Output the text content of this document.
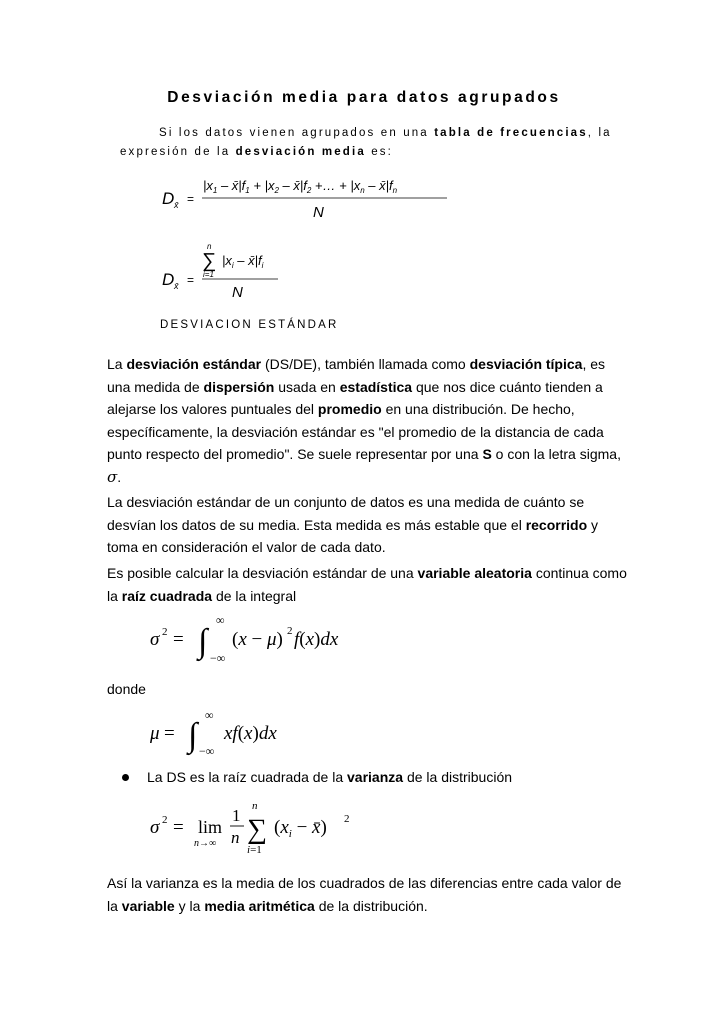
Desviación media para datos agrupados
Si los datos vienen agrupados en una tabla de frecuencias, la
expresión de la desviación media es:
D x̄ =
$|x_1$ – $x̄|f_1 + |x_2$ – $x̄|f_2$ +… + $|x_n$ – $x̄|f_n$
N
n
∑
i=1
$|x_i$ – $x̄|f_i$
D x̄ =
N
DESVIACION ESTÁNDAR
La desviación estándar (DS/DE), también llamada como desviación típica, es una medida de dispersión usada en estadística que nos dice cuánto tienden a alejarse los valores puntuales del promedio en una distribución. De hecho, específicamente, la desviación estándar es "el promedio de la distancia de cada punto respecto del promedio". Se suele representar por una S o con la letra sigma, σ.
La desviación estándar de un conjunto de datos es una medida de cuánto se desvían los datos de su media. Esta medida es más estable que el recorrido y toma en consideración el valor de cada dato.
Es posible calcular la desviación estándar de una variable aleatoria continua como la raíz cuadrada de la integral
σ 2 = ∫
∞
−∞
(x − μ) 2 f(x)dx
donde
μ = ∫
∞
−∞
xf(x)dx
La DS es la raíz cuadrada de la varianza de la distribución
σ 2 = lim
n→∞
1
n
n
∑
i=1
($x_i$ − x̄) 2
Así la varianza es la media de los cuadrados de las diferencias entre cada valor de la variable y la media aritmética de la distribución.
